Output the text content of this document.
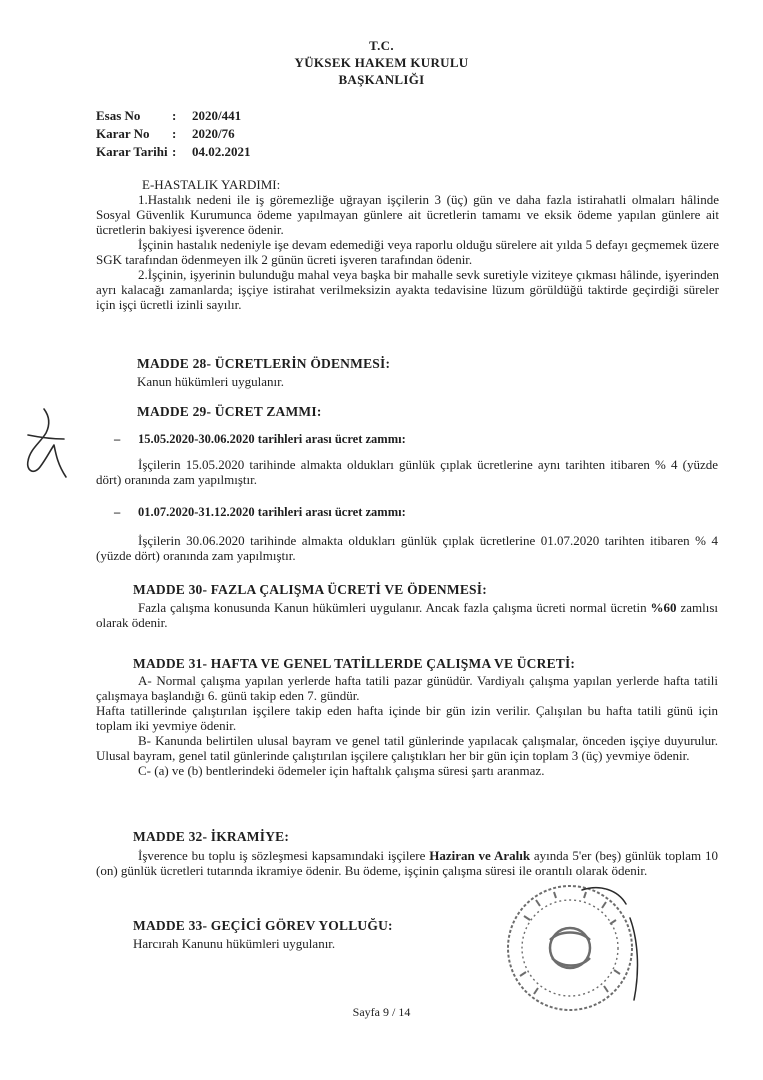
T.C.
YÜKSEK HAKEM KURULU
BAŞKANLIĞI
Esas No : 2020/441
Karar No : 2020/76
Karar Tarihi : 04.02.2021

E-HASTALIK YARDIMI:

1.Hastalık nedeni ile iş göremezliğe uğrayan işçilerin 3 (üç) gün ve daha fazla istirahatli olmaları hâlinde Sosyal Güvenlik Kurumunca ödeme yapılmayan günlere ait ücretlerin tamamı ve eksik ödeme yapılan günlere ait ücretlerin bakiyesi işverence ödenir.

İşçinin hastalık nedeniyle işe devam edemediği veya raporlu olduğu sürelere ait yılda 5 defayı geçmemek üzere SGK tarafından ödenmeyen ilk 2 günün ücreti işveren tarafından ödenir.

2.İşçinin, işyerinin bulunduğu mahal veya başka bir mahalle sevk suretiyle viziteye çıkması hâlinde, işyerinden ayrı kalacağı zamanlarda; işçiye istirahat verilmeksizin ayakta tedavisine lüzum görüldüğü taktirde geçirdiği süreler için işçi ücretli izinli sayılır.

MADDE 28- ÜCRETLERİN ÖDENMESİ:
Kanun hükümleri uygulanır.
MADDE 29- ÜCRET ZAMMI:
– 15.05.2020-30.06.2020 tarihleri arası ücret zammı:

İşçilerin 15.05.2020 tarihinde almakta oldukları günlük çıplak ücretlerine aynı tarihten itibaren % 4 (yüzde dört) oranında zam yapılmıştır.

– 01.07.2020-31.12.2020 tarihleri arası ücret zammı:

İşçilerin 30.06.2020 tarihinde almakta oldukları günlük çıplak ücretlerine 01.07.2020 tarihten itibaren % 4 (yüzde dört) oranında zam yapılmıştır.

MADDE 30- FAZLA ÇALIŞMA ÜCRETİ VE ÖDENMESİ:

Fazla çalışma konusunda Kanun hükümleri uygulanır. Ancak fazla çalışma ücreti normal ücretin %60 zamlısı olarak ödenir.

MADDE 31- HAFTA VE GENEL TATİLLERDE ÇALIŞMA VE ÜCRETİ:

A- Normal çalışma yapılan yerlerde hafta tatili pazar günüdür. Vardiyalı çalışma yapılan yerlerde hafta tatili çalışmaya başlandığı 6. günü takip eden 7. gündür.

Hafta tatillerinde çalıştırılan işçilere takip eden hafta içinde bir gün izin verilir. Çalışılan bu hafta tatili günü için toplam iki yevmiye ödenir.

B- Kanunda belirtilen ulusal bayram ve genel tatil günlerinde yapılacak çalışmalar, önceden işçiye duyurulur. Ulusal bayram, genel tatil günlerinde çalıştırılan işçilere çalıştıkları her bir gün için toplam 3 (üç) yevmiye ödenir.

C- (a) ve (b) bentlerindeki ödemeler için haftalık çalışma süresi şartı aranmaz.

MADDE 32- İKRAMİYE:

İşverence bu toplu iş sözleşmesi kapsamındaki işçilere Haziran ve Aralık ayında 5'er (beş) günlük toplam 10 (on) günlük ücretleri tutarında ikramiye ödenir. Bu ödeme, işçinin çalışma süresi ile orantılı olarak ödenir.

MADDE 33- GEÇİCİ GÖREV YOLLUĞU:
Harcırah Kanunu hükümleri uygulanır.
Sayfa 9 / 14
